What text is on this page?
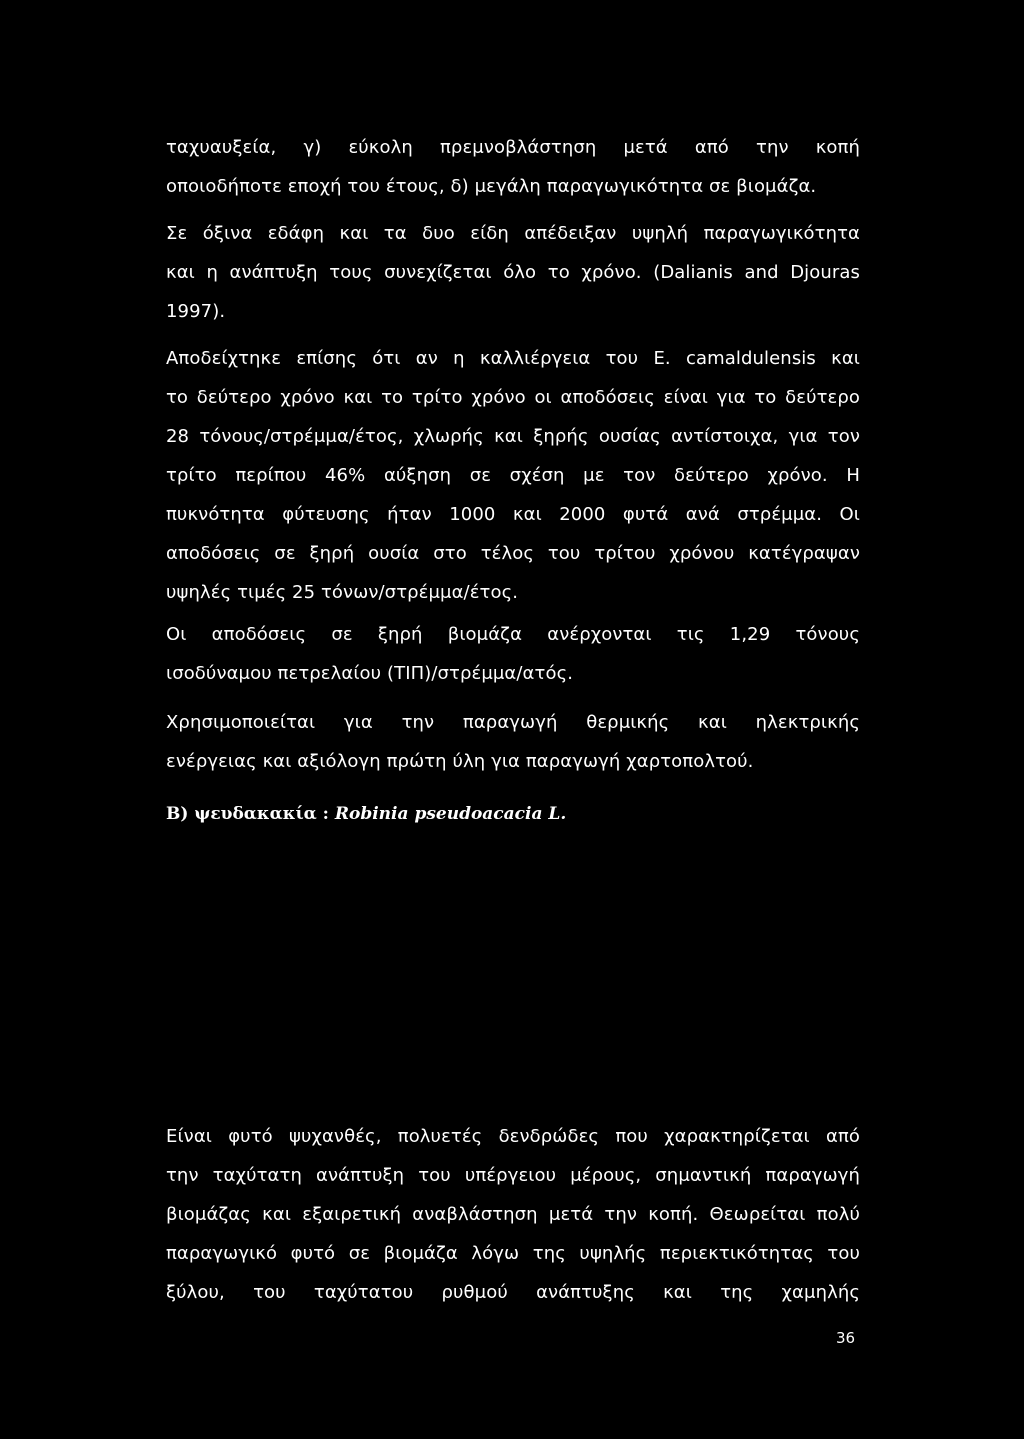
ταχυαυξεία, γ) εύκολη πρεμνοβλάστηση μετά από την κοπή
οποιοδήποτε εποχή του έτους, δ) μεγάλη παραγωγικότητα σε βιομάζα.
Σε όξινα εδάφη και τα δυο είδη απέδειξαν υψηλή παραγωγικότητα
και η ανάπτυξη τους συνεχίζεται όλο το χρόνο. (Dalianis and Djouras
1997).
Αποδείχτηκε επίσης ότι αν η καλλιέργεια του Ε. camaldulensis και
το δεύτερο χρόνο και το τρίτο χρόνο οι αποδόσεις είναι για το δεύτερο
28 τόνους/στρέμμα/έτος, χλωρής και ξηρής ουσίας αντίστοιχα, για τον
τρίτο περίπου 46% αύξηση σε σχέση με τον δεύτερο χρόνο. Η
πυκνότητα φύτευσης ήταν 1000 και 2000 φυτά ανά στρέμμα. Οι
αποδόσεις σε ξηρή ουσία στο τέλος του τρίτου χρόνου κατέγραψαν
υψηλές τιμές 25 τόνων/στρέμμα/έτος.
Οι αποδόσεις σε ξηρή βιομάζα ανέρχονται τις 1,29 τόνους
ισοδύναμου πετρελαίου (ΤΙΠ)/στρέμμα/ατός.
Χρησιμοποιείται για την παραγωγή θερμικής και ηλεκτρικής
ενέργειας και αξιόλογη πρώτη ύλη για παραγωγή χαρτοπολτού.
Β) ψευδακακία : Robinia pseudoacacia L.
Είναι φυτό ψυχανθές, πολυετές δενδρώδες που χαρακτηρίζεται από
την ταχύτατη ανάπτυξη του υπέργειου μέρους, σημαντική παραγωγή
βιομάζας και εξαιρετική αναβλάστηση μετά την κοπή. Θεωρείται πολύ
παραγωγικό φυτό σε βιομάζα λόγω της υψηλής περιεκτικότητας του
ξύλου, του ταχύτατου ρυθμού ανάπτυξης και της χαμηλής
36
